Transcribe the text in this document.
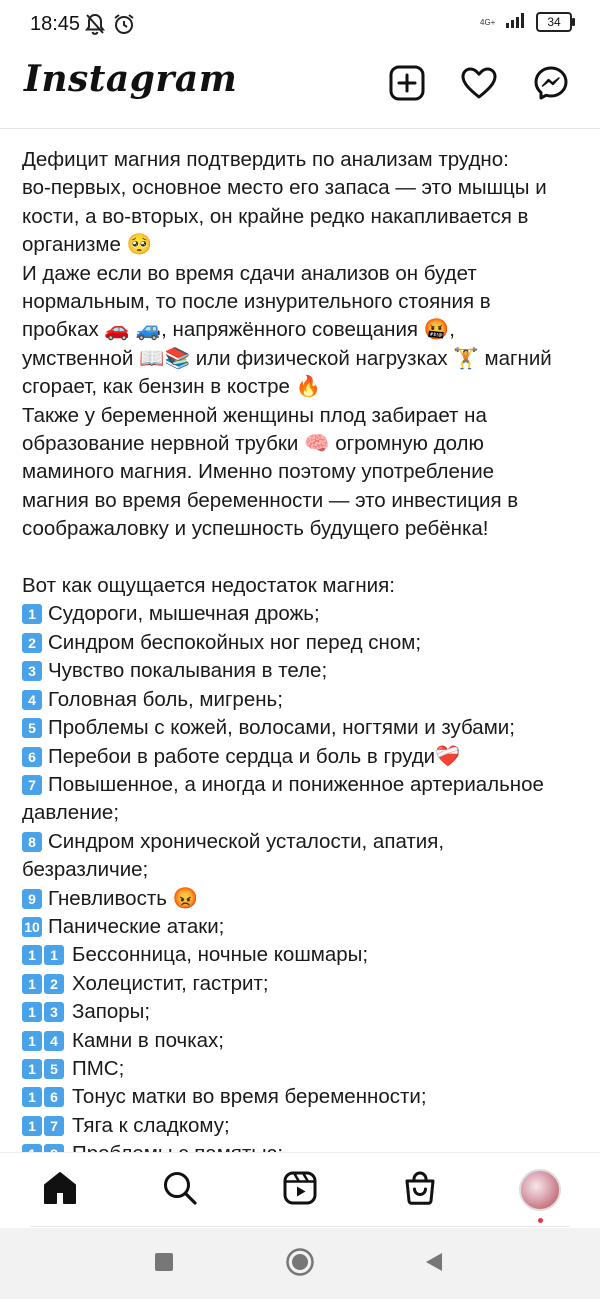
18:45	4G+	34
Instagram
Дефицит магния подтвердить по анализам трудно:
во-первых, основное место его запаса — это мышцы и
кости, а во-вторых, он крайне редко накапливается в
организме 🥺
И даже если во время сдачи анализов он будет
нормальным, то после изнурительного стояния в
пробках 🚗 🚙, напряжённого совещания 🤬,
умственной 📖📚 или физической нагрузках 🏋 магний
сгорает, как бензин в костре 🔥
Также у беременной женщины плод забирает на
образование нервной трубки 🧠 огромную долю
маминого магния. Именно поэтому употребление
магния во время беременности — это инвестиция в
соображаловку и успешность будущего ребёнка!
Вот как ощущается недостаток магния:
1 Судороги, мышечная дрожь;
2 Синдром беспокойных ног перед сном;
3 Чувство покалывания в теле;
4 Головная боль, мигрень;
5 Проблемы с кожей, волосами, ногтями и зубами;
6 Перебои в работе сердца и боль в груди❤️‍🩹
7 Повышенное, а иногда и пониженное артериальное
давление;
8 Синдром хронической усталости, апатия,
безразличие;
9 Гневливость 😡
10 Панические атаки;
1 1 Бессонница, ночные кошмары;
1 2 Холецистит, гастрит;
1 3 Запоры;
1 4 Камни в почках;
1 5 ПМС;
1 6 Тонус матки во время беременности;
1 7 Тяга к сладкому;
